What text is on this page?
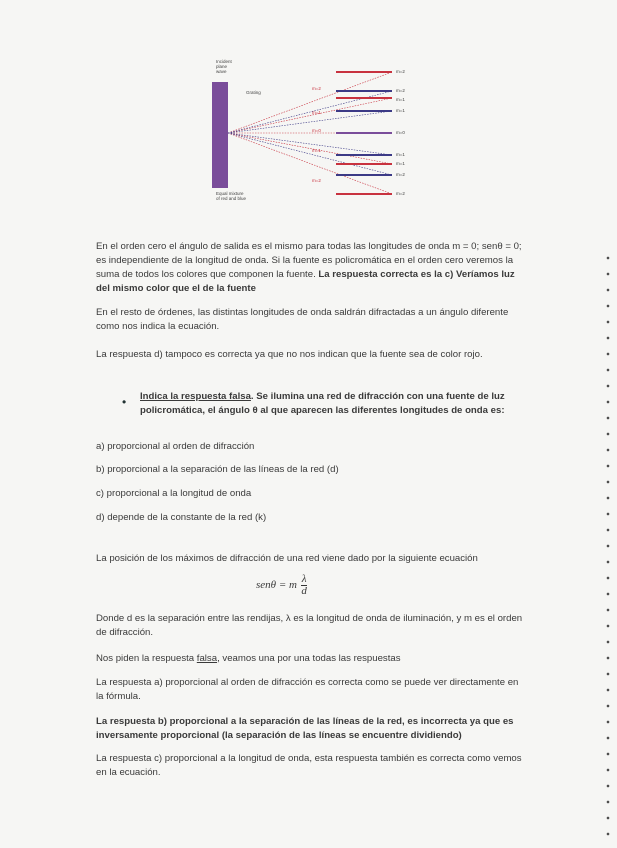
Incident
plane
wave
Grating
Equal mixture
of red and blue
m=2
m=1
m=0
m=1
m=2
m=2
m=2
m=1
m=1
m=0
m=1
m=1
m=2
m=2

En el orden cero el ángulo de salida es el mismo para todas las longitudes de onda m = 0; senθ = 0; es independiente de la longitud de onda. Si la fuente es policromática en el orden cero veremos la suma de todos los colores que componen la fuente. La respuesta correcta es la c) Veríamos luz del mismo color que el de la fuente

En el resto de órdenes, las distintas longitudes de onda saldrán difractadas a un ángulo diferente como nos indica la ecuación.

La respuesta d) tampoco es correcta ya que no nos indican que la fuente sea de color rojo.

• Indica la respuesta falsa. Se ilumina una red de difracción con una fuente de luz policromática, el ángulo θ al que aparecen las diferentes longitudes de onda es:

a) proporcional al orden de difracción

b) proporcional a la separación de las líneas de la red (d)

c) proporcional a la longitud de onda

d) depende de la constante de la red (k)

La posición de los máximos de difracción de una red viene dado por la siguiente ecuación

senθ = m $\frac{\lambda}{d}$

Donde d es la separación entre las rendijas, λ es la longitud de onda de iluminación, y m es el orden de difracción.

Nos piden la respuesta falsa, veamos una por una todas las respuestas

La respuesta a) proporcional al orden de difracción es correcta como se puede ver directamente en la fórmula.

La respuesta b) proporcional a la separación de las líneas de la red, es incorrecta ya que es inversamente proporcional (la separación de las líneas se encuentre dividiendo)

La respuesta c) proporcional a la longitud de onda, esta respuesta también es correcta como vemos en la ecuación.
